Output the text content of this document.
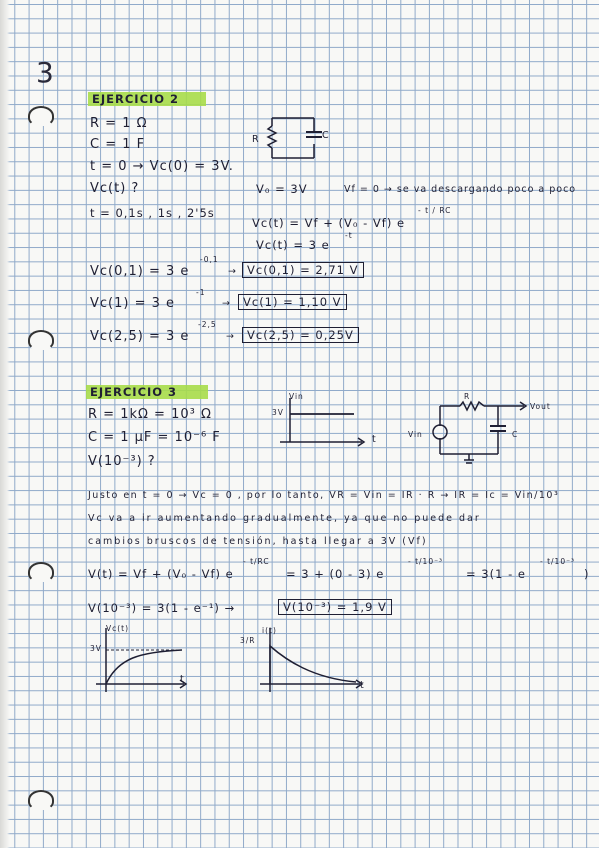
3
EJERCICIO 2
R = 1 Ω
C = 1 F
t = 0 → Vc(0) = 3V.
Vc(t) ?
t = 0,1s , 1s , 2'5s
R	C
V₀ = 3V	Vf = 0 → se va descargando poco a poco
Vc(t) = Vf + (V₀ - Vf) e
- t / RC
Vc(t) = 3 e
-t
Vc(0,1) = 3 e
-0,1
→ Vc(0,1) = 2,71 V
Vc(1) = 3 e
-1
→	Vc(1) = 1,10 V
Vc(2,5) = 3 e
-2,5
→	Vc(2,5) = 0,25V
EJERCICIO 3
R = 1kΩ = 10³ Ω
C = 1 μF = 10⁻⁶ F
V(10⁻³) ?
Vin
3V
t
R
Vin
Vout
C
Justo en t = 0 → Vc = 0 , por lo tanto, VR = Vin = IR · R → IR = Ic = Vin/10³
Vc va a ir aumentando gradualmente, ya que no puede dar
cambios bruscos de tensión, hasta llegar a 3V (Vf)
V(t) = Vf + (V₀ - Vf) e
- t/RC
= 3 + (0 - 3) e
- t/10⁻³
= 3(1 - e
- t/10⁻³
)
V(10⁻³) = 3(1 - e⁻¹) →	V(10⁻³) = 1,9 V
Vc(t)
3V
t
i(t)
3/R
t
